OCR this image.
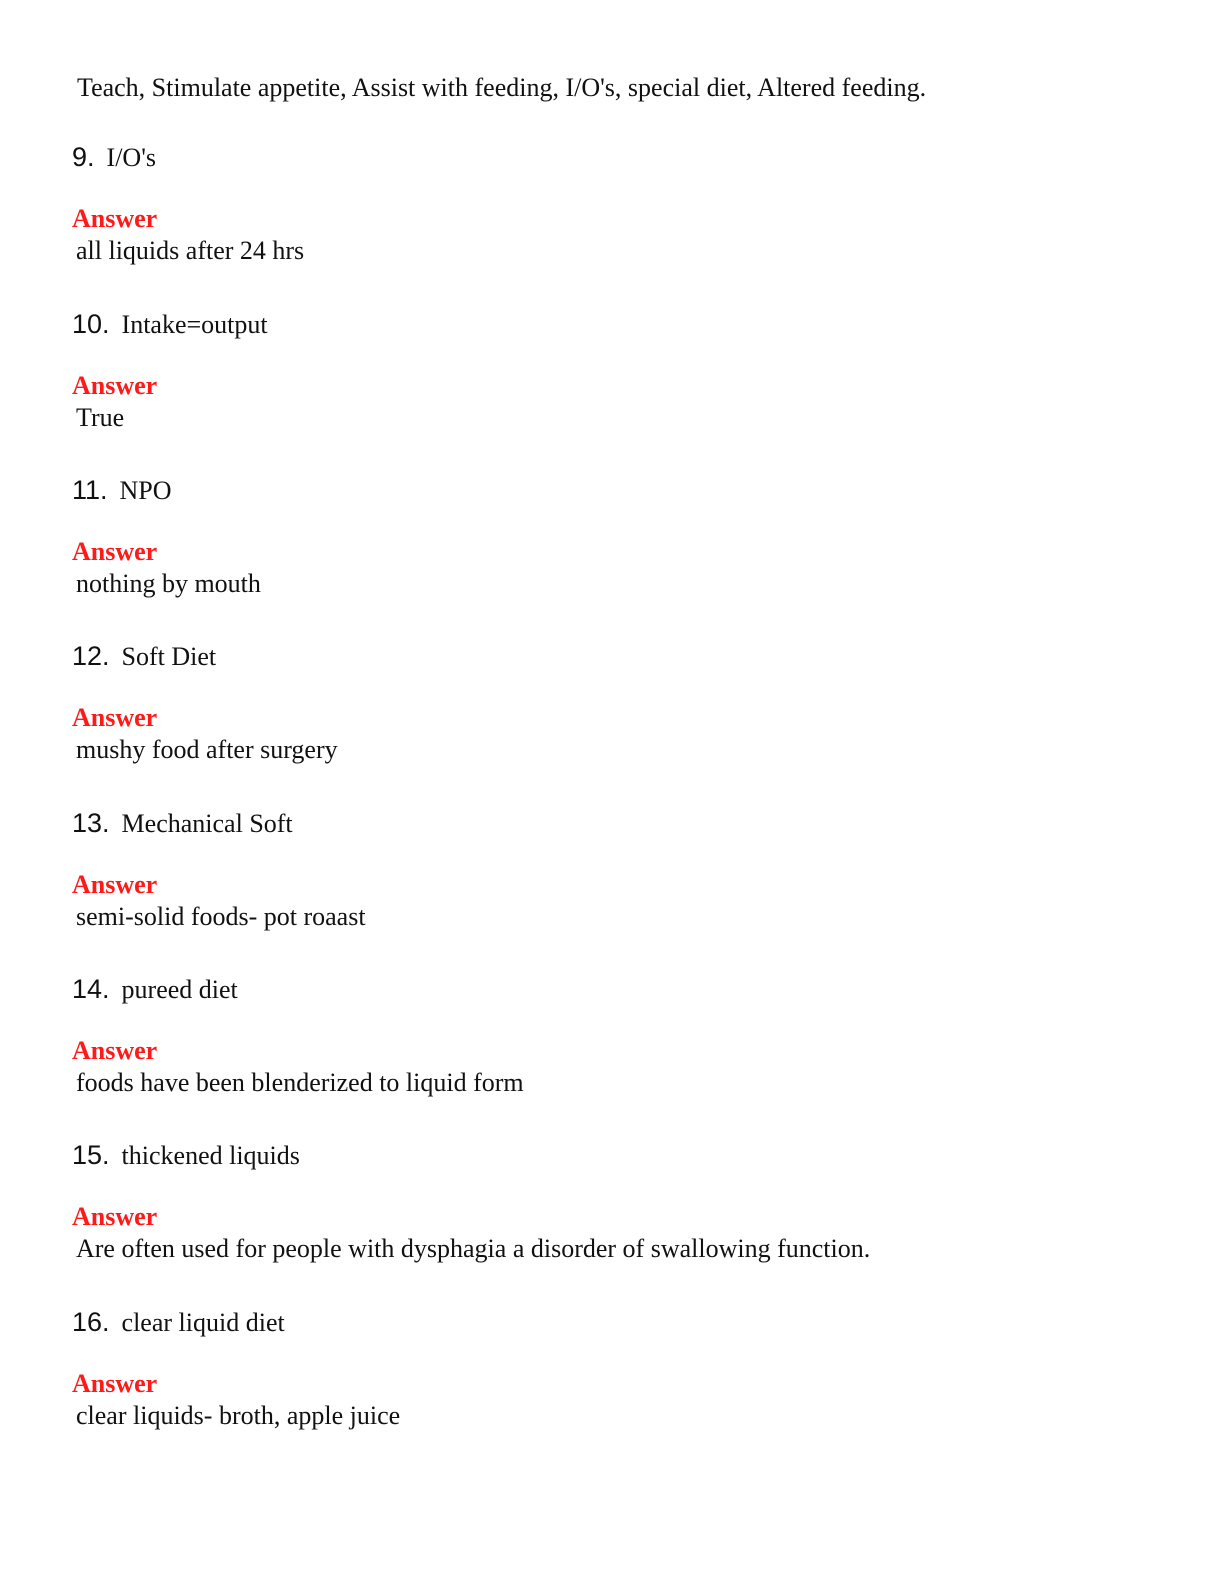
Teach, Stimulate appetite, Assist with feeding, I/O's, special diet, Altered feeding.
9. I/O's
Answer
all liquids after 24 hrs
10. Intake=output
Answer
True
11. NPO
Answer
nothing by mouth
12. Soft Diet
Answer
mushy food after surgery
13. Mechanical Soft
Answer
semi-solid foods- pot roaast
14. pureed diet
Answer
foods have been blenderized to liquid form
15. thickened liquids
Answer
Are often used for people with dysphagia a disorder of swallowing function.
16. clear liquid diet
Answer
clear liquids- broth, apple juice
